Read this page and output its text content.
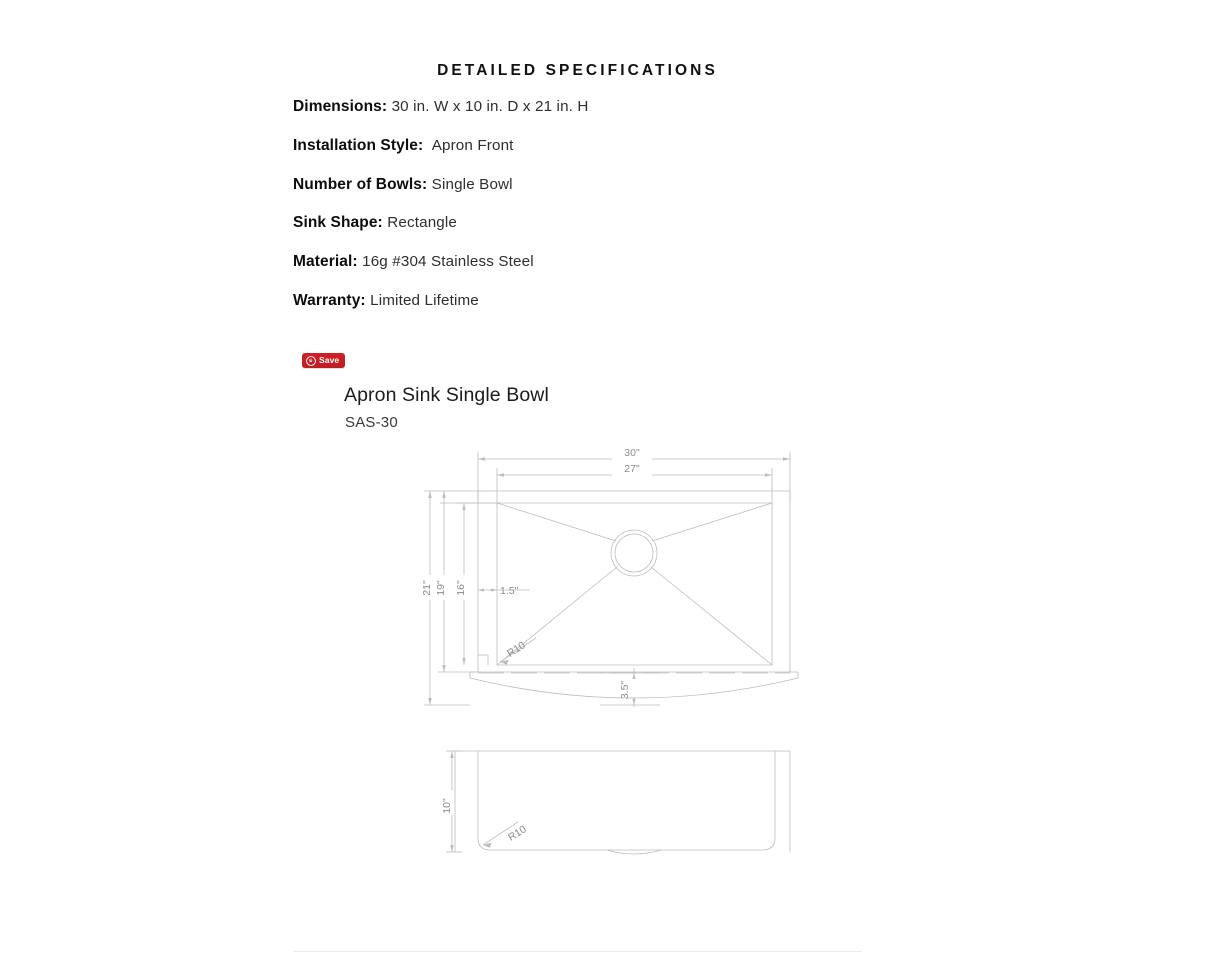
DETAILED SPECIFICATIONS
Dimensions: 30 in. W x 10 in. D x 21 in. H
Installation Style: Apron Front
Number of Bowls: Single Bowl
Sink Shape: Rectangle
Material: 16g #304 Stainless Steel
Warranty: Limited Lifetime
Save
Apron Sink Single Bowl
SAS-30
30"
27"
21" 19" 16"	1.5"
3.5"
R10
10"
R10
